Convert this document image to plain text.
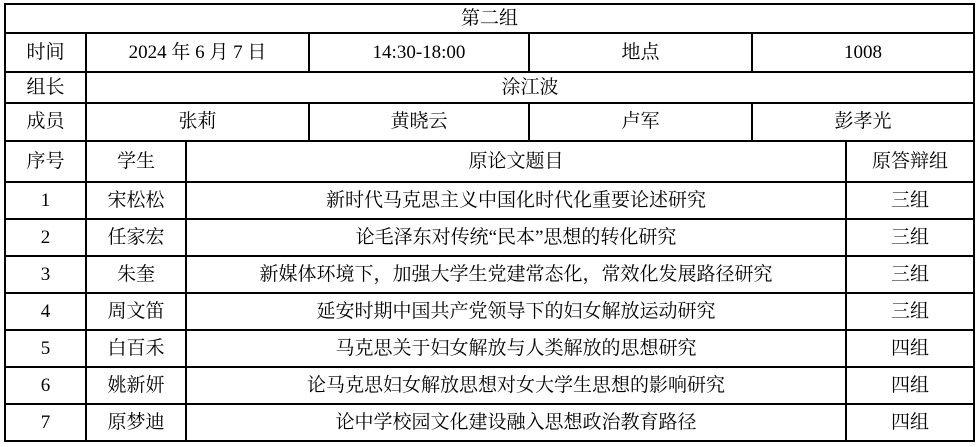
第二组						
时间	2024 年 6 月 7 日		14:30-18:00	地点	1008	
组长	涂江波					
成员	张莉		黄晓云	卢军	彭孝光	
序号	学生	原论文题目				原答辩组
1	宋松松	新时代马克思主义中国化时代化重要论述研究				三组
2	任家宏	论毛泽东对传统“民本”思想的转化研究				三组
3	朱奎	新媒体环境下，加强大学生党建常态化，常效化发展路径研究				三组
4	周文笛	延安时期中国共产党领导下的妇女解放运动研究				三组
5	白百禾	马克思关于妇女解放与人类解放的思想研究				四组
6	姚新妍	论马克思妇女解放思想对女大学生思想的影响研究				四组
7	原梦迪	论中学校园文化建设融入思想政治教育路径				四组
